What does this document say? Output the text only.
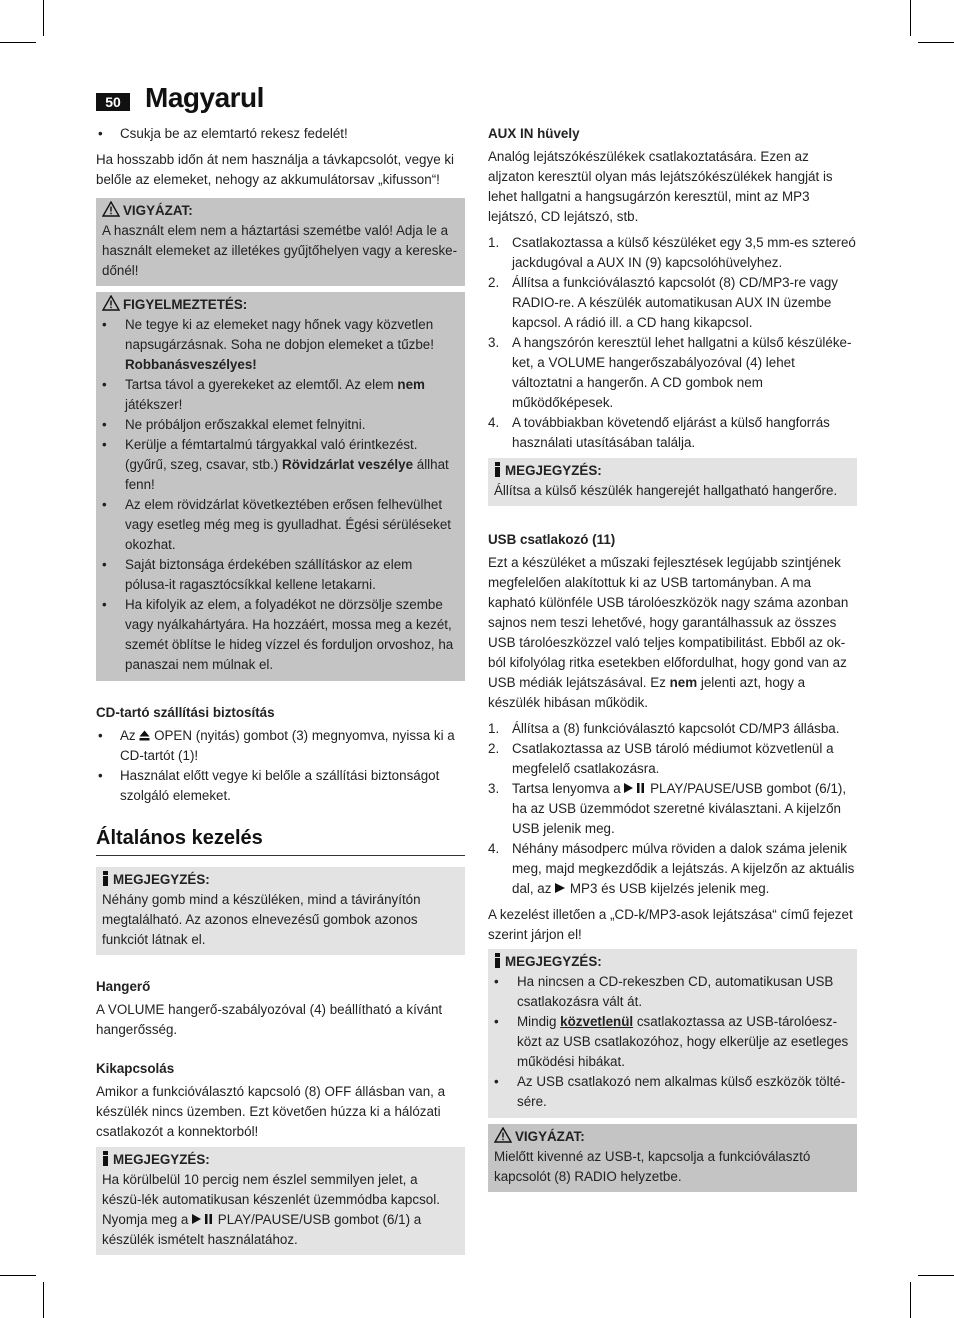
50 Magyarul
• Csukja be az elemtartó rekesz fedelét!

Ha hosszabb időn át nem használja a távkapcsolót, vegye ki belőle az elemeket, nehogy az akkumulátorsav „kifusson“!

VIGYÁZAT:
A használt elem nem a háztartási szemétbe való! Adja le a használt elemeket az illetékes gyűjtőhelyen vagy a kereske-dőnél!
FIGYELMEZTETÉS:
• Ne tegye ki az elemeket nagy hőnek vagy közvetlen napsugárzásnak. Soha ne dobjon elemeket a tűzbe! Robbanásveszélyes!
• Tartsa távol a gyerekeket az elemtől. Az elem nem játékszer!
• Ne próbáljon erőszakkal elemet felnyitni.
• Kerülje a fémtartalmú tárgyakkal való érintkezést. (gyűrű, szeg, csavar, stb.) Rövidzárlat veszélye állhat fenn!
• Az elem rövidzárlat következtében erősen felhevülhet vagy esetleg még meg is gyulladhat. Égési sérüléseket okozhat.
• Saját biztonsága érdekében szállításkor az elem pólusa-it ragasztócsíkkal kellene letakarni.
• Ha kifolyik az elem, a folyadékot ne dörzsölje szembe vagy nyálkahártyára. Ha hozzáért, mossa meg a kezét, szemét öblítse le hideg vízzel és forduljon orvoshoz, ha panaszai nem múlnak el.
CD-tartó szállítási biztosítás
• Az  OPEN (nyitás) gombot (3) megnyomva, nyissa ki a CD-tartót (1)!
• Használat előtt vegye ki belőle a szállítási biztonságot szolgáló elemeket.
Általános kezelés
MEGJEGYZÉS:
Néhány gomb mind a készüléken, mind a távirányítón megtalálható. Az azonos elnevezésű gombok azonos funkciót látnak el.
Hangerő

A VOLUME hangerő-szabályozóval (4) beállítható a kívánt hangerősség.

Kikapcsolás

Amikor a funkcióválasztó kapcsoló (8) OFF állásban van, a készülék nincs üzemben. Ezt követően húzza ki a hálózati csatlakozót a konnektorból!

MEGJEGYZÉS:
Ha körülbelül 10 percig nem észlel semmilyen jelet, a készü-lék automatikusan készenlét üzemmódba kapcsol. Nyomja meg a  PLAY/PAUSE/USB gombot (6/1) a készülék ismételt használatához.
AUX IN hüvely

Analóg lejátszókészülékek csatlakoztatására. Ezen az aljzaton keresztül olyan más lejátszókészülékek hangját is lehet hallgatni a hangsugárzón keresztül, mint az MP3 lejátszó, CD lejátszó, stb.

1. Csatlakoztassa a külső készüléket egy 3,5 mm-es sztereó jackdugóval a AUX IN (9) kapcsolóhüvelyhez.
2. Állítsa a funkcióválasztó kapcsolót (8) CD/MP3-re vagy RADIO-re. A készülék automatikusan AUX IN üzembe kapcsol. A rádió ill. a CD hang kikapcsol.
3. A hangszórón keresztül lehet hallgatni a külső készüléke-ket, a VOLUME hangerőszabályozóval (4) lehet változtatni a hangerőn. A CD gombok nem működőképesek.
4. A továbbiakban követendő eljárást a külső hangforrás használati utasításában találja.
MEGJEGYZÉS:
Állítsa a külső készülék hangerejét hallgatható hangerőre.
USB csatlakozó (11)

Ezt a készüléket a műszaki fejlesztések legújabb szintjének megfelelően alakítottuk ki az USB tartományban. A ma kapható különféle USB tárolóeszközök nagy száma azonban sajnos nem teszi lehetővé, hogy garantálhassuk az összes USB tárolóeszközzel való teljes kompatibilitást. Ebből az ok-ból kifolyólag ritka esetekben előfordulhat, hogy gond van az USB médiák lejátszásával. Ez nem jelenti azt, hogy a készülék hibásan működik.

1. Állítsa a (8) funkcióválasztó kapcsolót CD/MP3 állásba.
2. Csatlakoztassa az USB tároló médiumot közvetlenül a megfelelő csatlakozásra.
3. Tartsa lenyomva a  PLAY/PAUSE/USB gombot (6/1), ha az USB üzemmódot szeretné kiválasztani. A kijelzőn USB jelenik meg.
4. Néhány másodperc múlva röviden a dalok száma jelenik meg, majd megkezdődik a lejátszás. A kijelzőn az aktuális dal, az  MP3 és USB kijelzés jelenik meg.

A kezelést illetően a „CD-k/MP3-asok lejátszása“ című fejezet szerint járjon el!

MEGJEGYZÉS:
• Ha nincsen a CD-rekeszben CD, automatikusan USB csatlakozásra vált át.
• Mindig közvetlenül csatlakoztassa az USB-tárolóesz-közt az USB csatlakozóhoz, hogy elkerülje az esetleges működési hibákat.
• Az USB csatlakozó nem alkalmas külső eszközök tölté-sére.
VIGYÁZAT:
Mielőtt kivenné az USB-t, kapcsolja a funkcióválasztó kapcsolót (8) RADIO helyzetbe.
